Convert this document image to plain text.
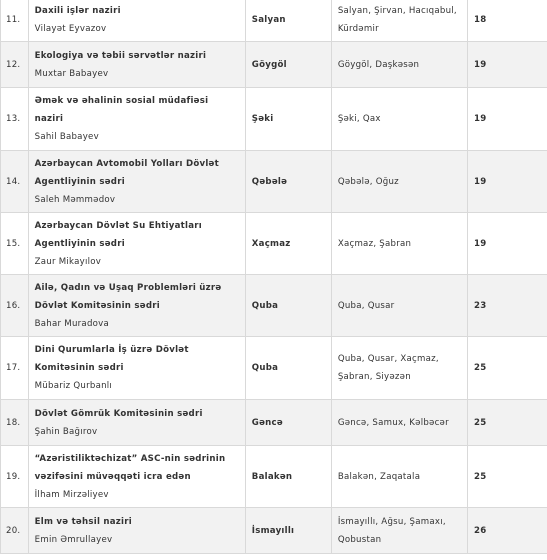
11.	Daxili işlər naziri
Vilayət Eyvazov	Salyan	Salyan, Şirvan, Hacıqabul, Kürdəmir	18
12.	Ekologiya və təbii sərvətlər naziri
Muxtar Babayev	Göygöl	Göygöl, Daşkəsən	19
13.	Əmək və əhalinin sosial müdafiəsi naziri
Sahil Babayev	Şəki	Şəki, Qax	19
14.	Azərbaycan Avtomobil Yolları Dövlət Agentliyinin sədri
Saleh Məmmədov	Qəbələ	Qəbələ, Oğuz	19
15.	Azərbaycan Dövlət Su Ehtiyatları Agentliyinin sədri
Zaur Mikayılov	Xaçmaz	Xaçmaz, Şabran	19
16.	Ailə, Qadın və Uşaq Problemləri üzrə Dövlət Komitəsinin sədri
Bahar Muradova	Quba	Quba, Qusar	23
17.	Dini Qurumlarla İş üzrə Dövlət Komitəsinin sədri
Mübariz Qurbanlı	Quba	Quba, Qusar, Xaçmaz, Şabran, Siyəzən	25
18.	Dövlət Gömrük Komitəsinin sədri
Şahin Bağırov	Gəncə	Gəncə, Samux, Kəlbəcər	25
19.	“Azəristiliktəchizat” ASC-nin sədrinin vəzifəsini müvəqqəti icra edən
İlham Mirzəliyev	Balakən	Balakən, Zaqatala	25
20.	Elm və təhsil naziri
Emin Əmrullayev	İsmayıllı	İsmayıllı, Ağsu, Şamaxı, Qobustan	26
